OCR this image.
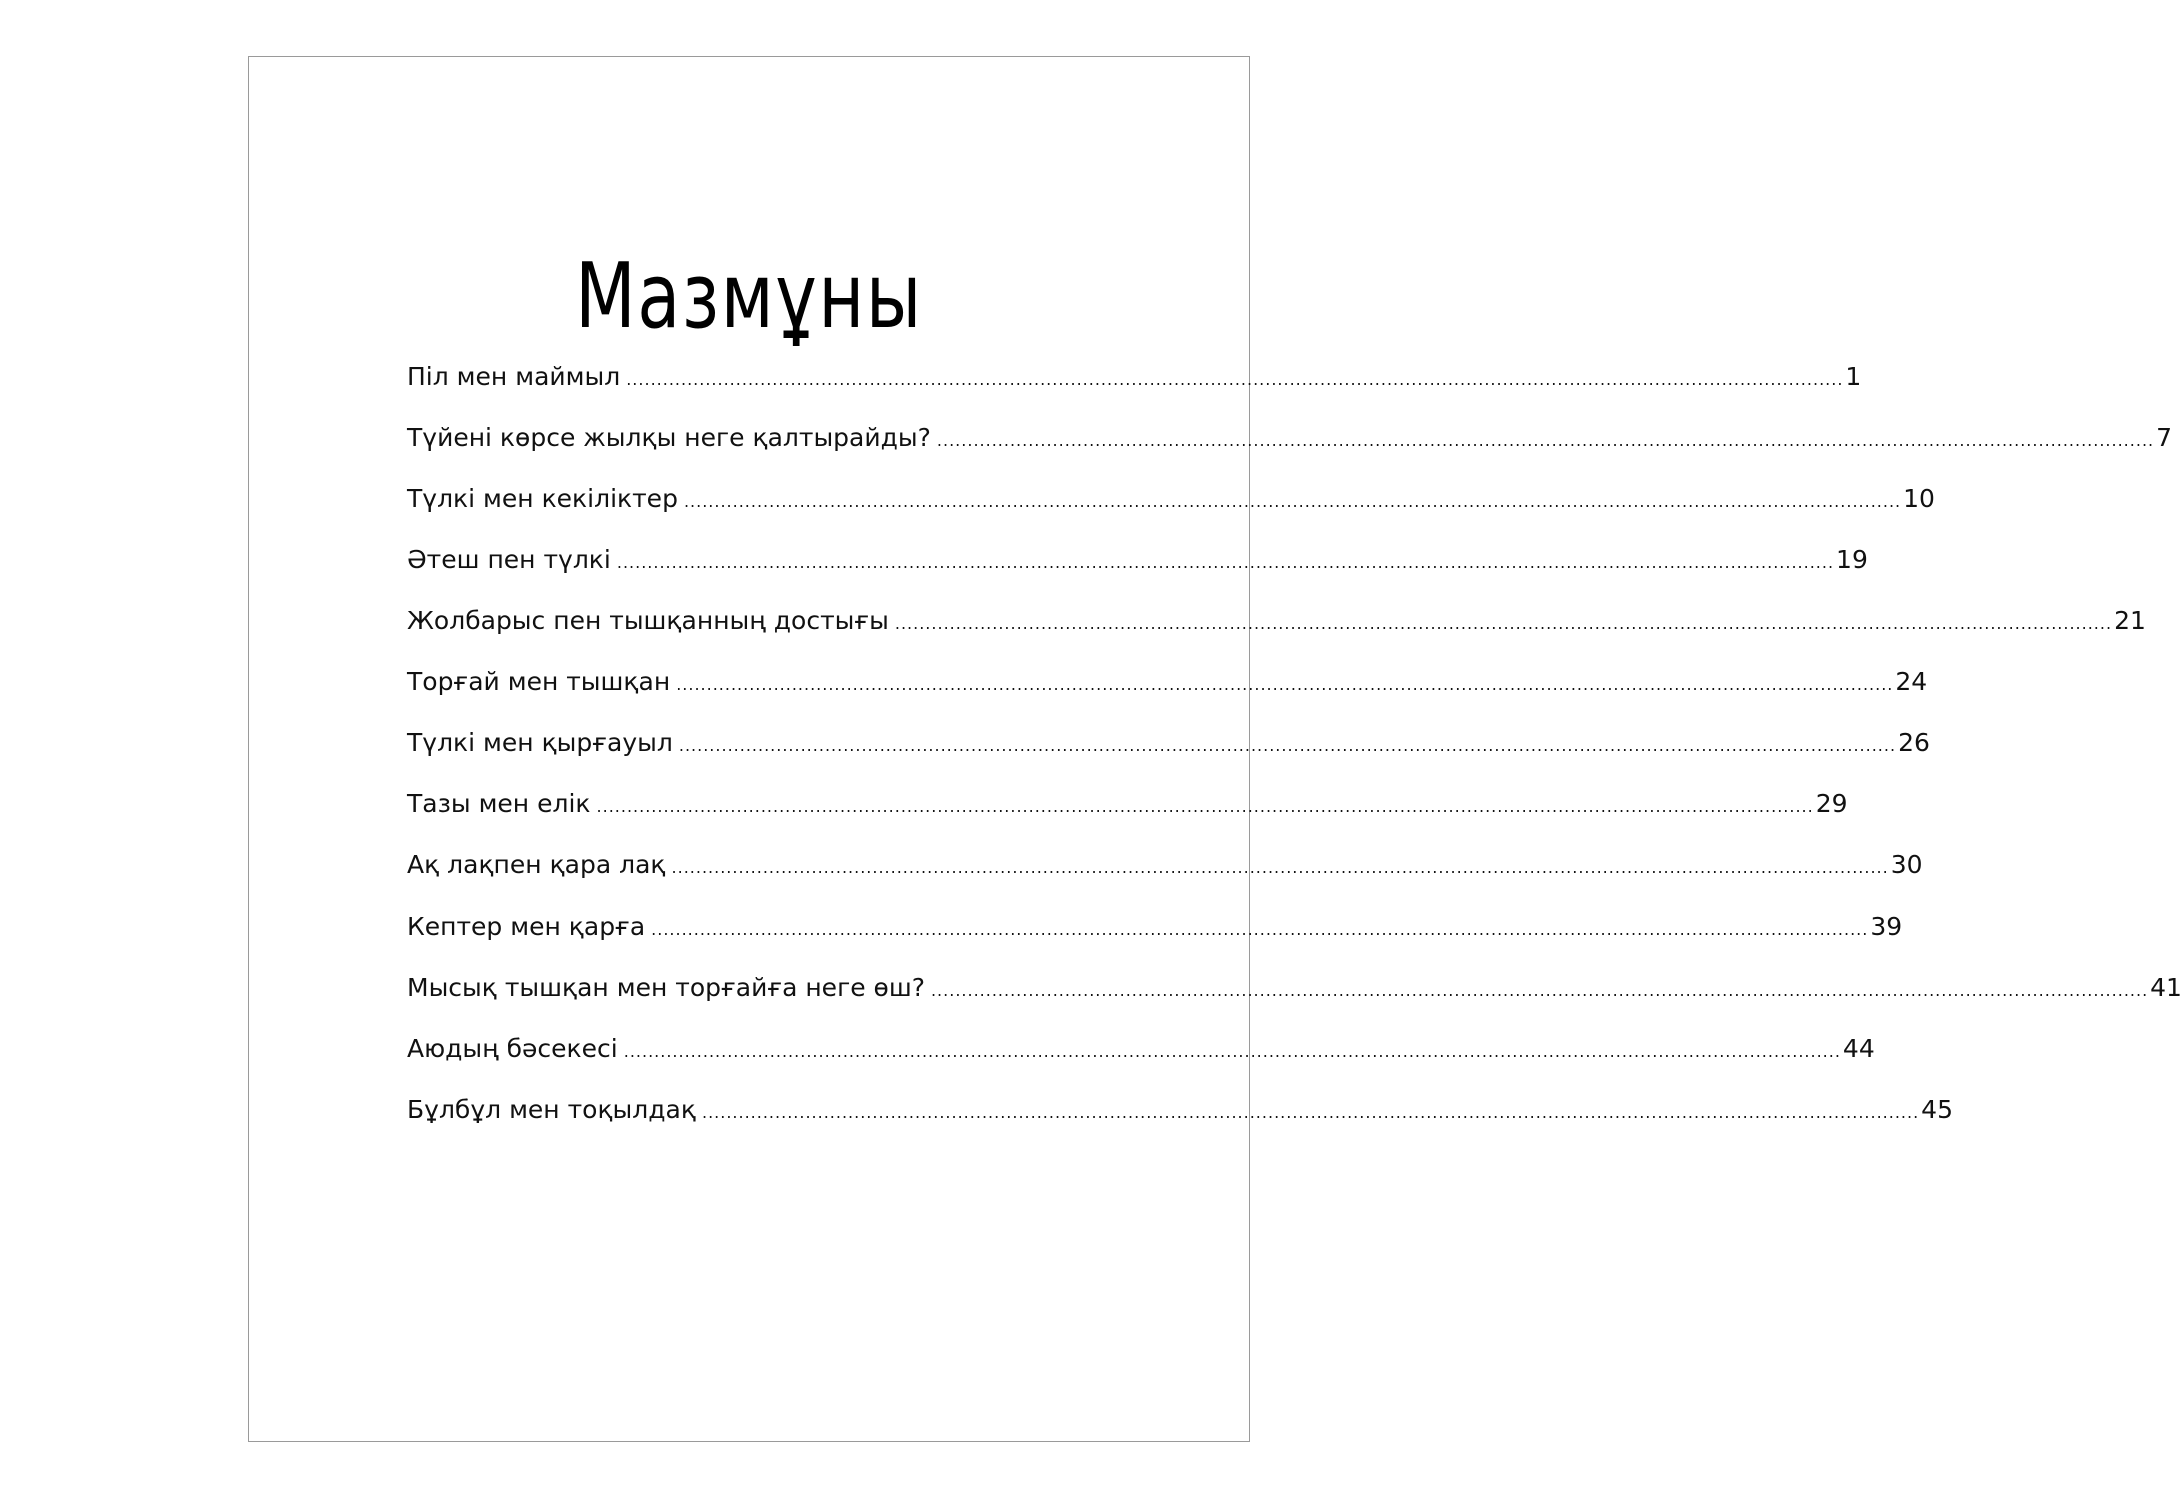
Мазмұны
Піл мен маймыл ........................................................................................................................................................................................................ 1
Түйені көрсе жылқы неге қалтырайды? ........................................................................................................................................................................................................ 7
Түлкі мен кекіліктер ........................................................................................................................................................................................................ 10
Әтеш пен түлкі ........................................................................................................................................................................................................ 19
Жолбарыс пен тышқанның достығы ........................................................................................................................................................................................................ 21
Торғай мен тышқан ........................................................................................................................................................................................................ 24
Түлкі мен қырғауыл ........................................................................................................................................................................................................ 26
Тазы мен елік ........................................................................................................................................................................................................ 29
Ақ лақпен қара лақ ........................................................................................................................................................................................................ 30
Кептер мен қарға ........................................................................................................................................................................................................ 39
Мысық тышқан мен торғайға неге өш? ........................................................................................................................................................................................................ 41
Аюдың бәсекесі ........................................................................................................................................................................................................ 44
Бұлбұл мен тоқылдақ ........................................................................................................................................................................................................ 45
